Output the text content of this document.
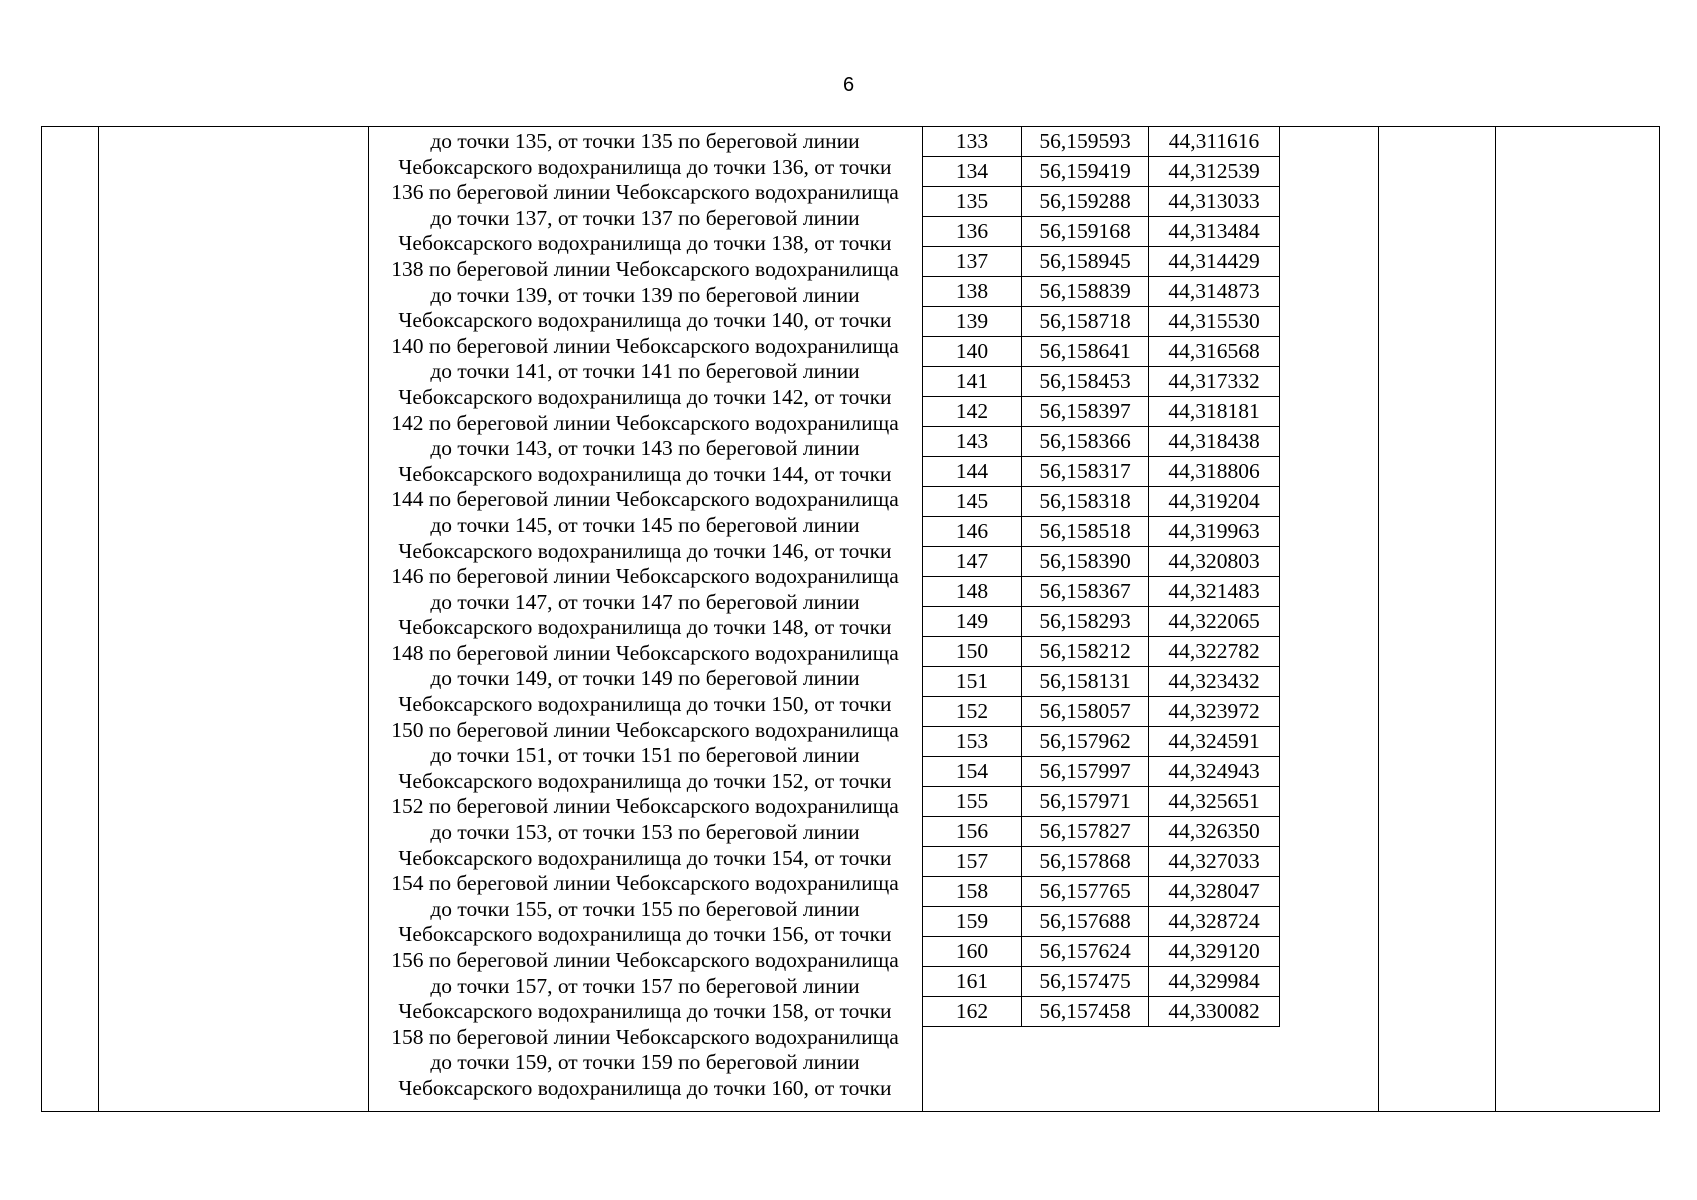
6
до точки 135, от точки 135 по береговой линии
Чебоксарского водохранилища до точки 136, от точки
136 по береговой линии Чебоксарского водохранилища
до точки 137, от точки 137 по береговой линии
Чебоксарского водохранилища до точки 138, от точки
138 по береговой линии Чебоксарского водохранилища
до точки 139, от точки 139 по береговой линии
Чебоксарского водохранилища до точки 140, от точки
140 по береговой линии Чебоксарского водохранилища
до точки 141, от точки 141 по береговой линии
Чебоксарского водохранилища до точки 142, от точки
142 по береговой линии Чебоксарского водохранилища
до точки 143, от точки 143 по береговой линии
Чебоксарского водохранилища до точки 144, от точки
144 по береговой линии Чебоксарского водохранилища
до точки 145, от точки 145 по береговой линии
Чебоксарского водохранилища до точки 146, от точки
146 по береговой линии Чебоксарского водохранилища
до точки 147, от точки 147 по береговой линии
Чебоксарского водохранилища до точки 148, от точки
148 по береговой линии Чебоксарского водохранилища
до точки 149, от точки 149 по береговой линии
Чебоксарского водохранилища до точки 150, от точки
150 по береговой линии Чебоксарского водохранилища
до точки 151, от точки 151 по береговой линии
Чебоксарского водохранилища до точки 152, от точки
152 по береговой линии Чебоксарского водохранилища
до точки 153, от точки 153 по береговой линии
Чебоксарского водохранилища до точки 154, от точки
154 по береговой линии Чебоксарского водохранилища
до точки 155, от точки 155 по береговой линии
Чебоксарского водохранилища до точки 156, от точки
156 по береговой линии Чебоксарского водохранилища
до точки 157, от точки 157 по береговой линии
Чебоксарского водохранилища до точки 158, от точки
158 по береговой линии Чебоксарского водохранилища
до точки 159, от точки 159 по береговой линии
Чебоксарского водохранилища до точки 160, от точки
133	56,159593	44,311616
134	56,159419	44,312539
135	56,159288	44,313033
136	56,159168	44,313484
137	56,158945	44,314429
138	56,158839	44,314873
139	56,158718	44,315530
140	56,158641	44,316568
141	56,158453	44,317332
142	56,158397	44,318181
143	56,158366	44,318438
144	56,158317	44,318806
145	56,158318	44,319204
146	56,158518	44,319963
147	56,158390	44,320803
148	56,158367	44,321483
149	56,158293	44,322065
150	56,158212	44,322782
151	56,158131	44,323432
152	56,158057	44,323972
153	56,157962	44,324591
154	56,157997	44,324943
155	56,157971	44,325651
156	56,157827	44,326350
157	56,157868	44,327033
158	56,157765	44,328047
159	56,157688	44,328724
160	56,157624	44,329120
161	56,157475	44,329984
162	56,157458	44,330082
